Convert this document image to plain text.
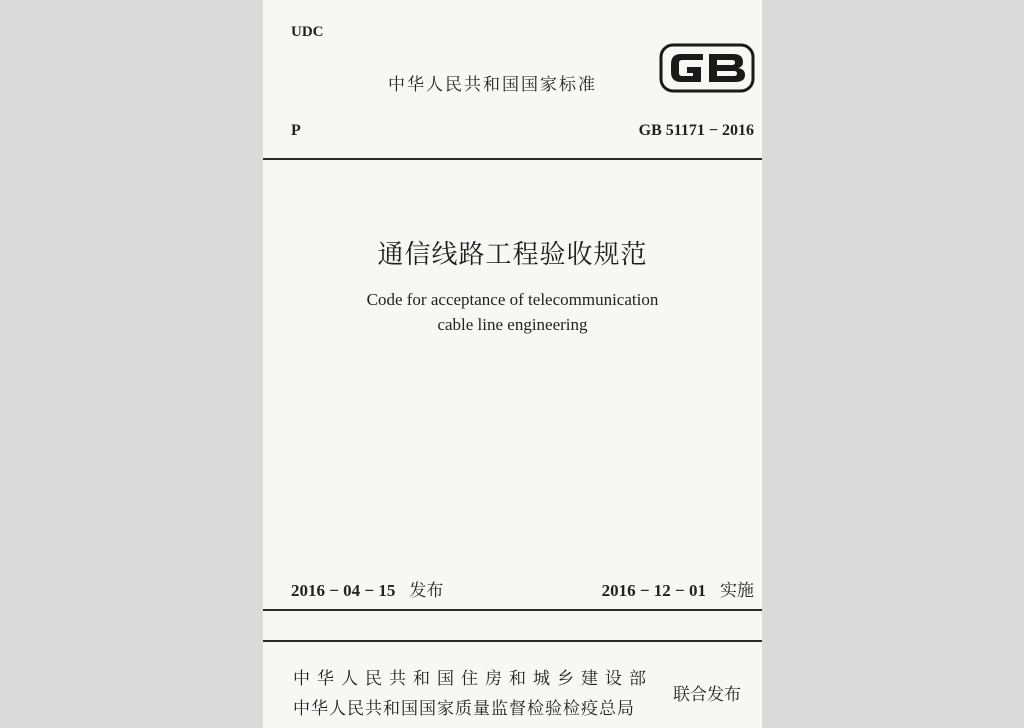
UDC
中华人民共和国国家标准
P	GB 51171 − 2016
通信线路工程验收规范
Code for acceptance of telecommunication
cable line engineering
2016 − 04 − 15 发布	2016 − 12 − 01 实施
中华人民共和国住房和城乡建设部
中华人民共和国国家质量监督检验检疫总局
联合发布
